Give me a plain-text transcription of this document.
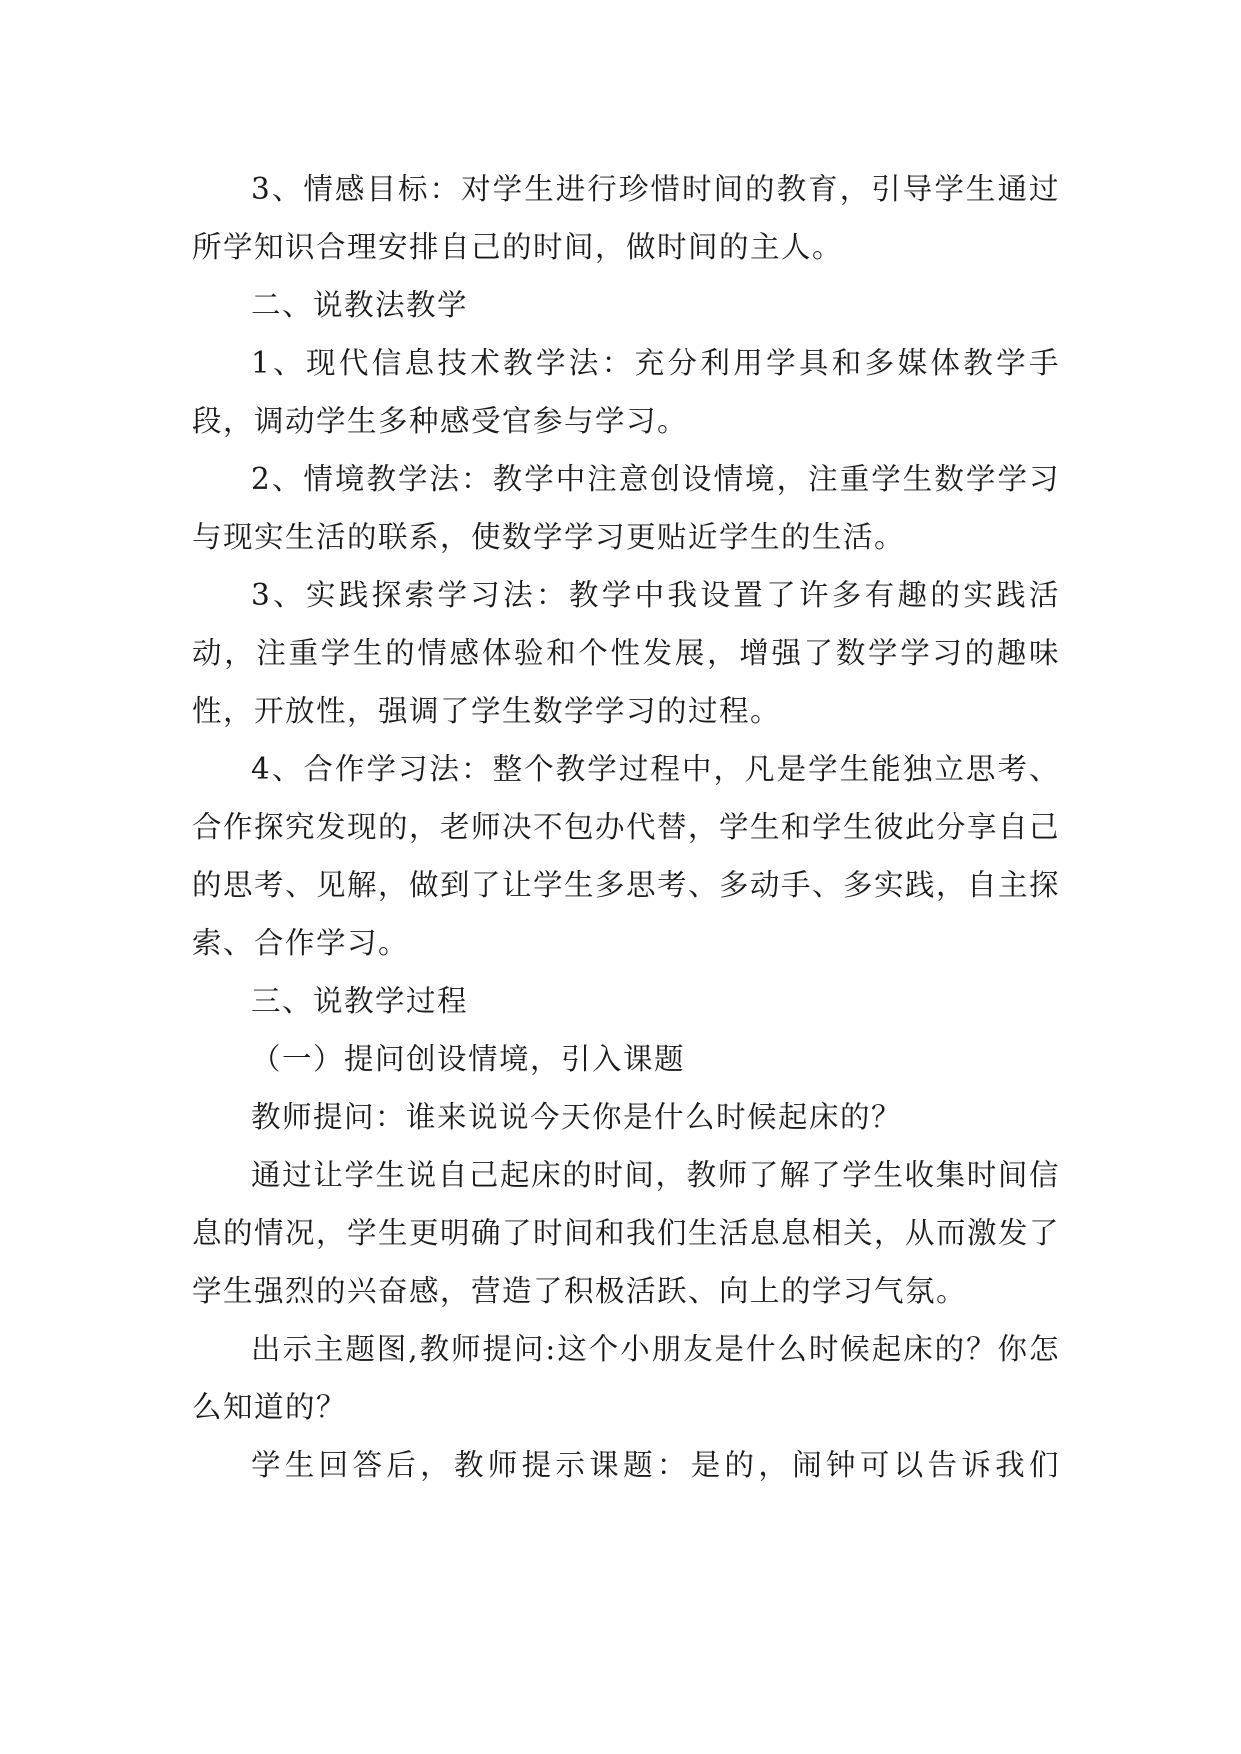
3、情感目标：对学生进行珍惜时间的教育，引导学生通过所学知识合理安排自己的时间，做时间的主人。

二、说教法教学

1、现代信息技术教学法：充分利用学具和多媒体教学手段，调动学生多种感受官参与学习。

2、情境教学法：教学中注意创设情境，注重学生数学学习与现实生活的联系，使数学学习更贴近学生的生活。

3、实践探索学习法：教学中我设置了许多有趣的实践活动，注重学生的情感体验和个性发展，增强了数学学习的趣味性，开放性，强调了学生数学学习的过程。

4、合作学习法：整个教学过程中，凡是学生能独立思考、合作探究发现的，老师决不包办代替，学生和学生彼此分享自己的思考、见解，做到了让学生多思考、多动手、多实践，自主探索、合作学习。

三、说教学过程

（一）提问创设情境，引入课题

教师提问：谁来说说今天你是什么时候起床的？

通过让学生说自己起床的时间，教师了解了学生收集时间信息的情况，学生更明确了时间和我们生活息息相关，从而激发了学生强烈的兴奋感，营造了积极活跃、向上的学习气氛。

出示主题图,教师提问:这个小朋友是什么时候起床的？你怎么知道的？

学生回答后，教师提示课题：是的，闹钟可以告诉我们
